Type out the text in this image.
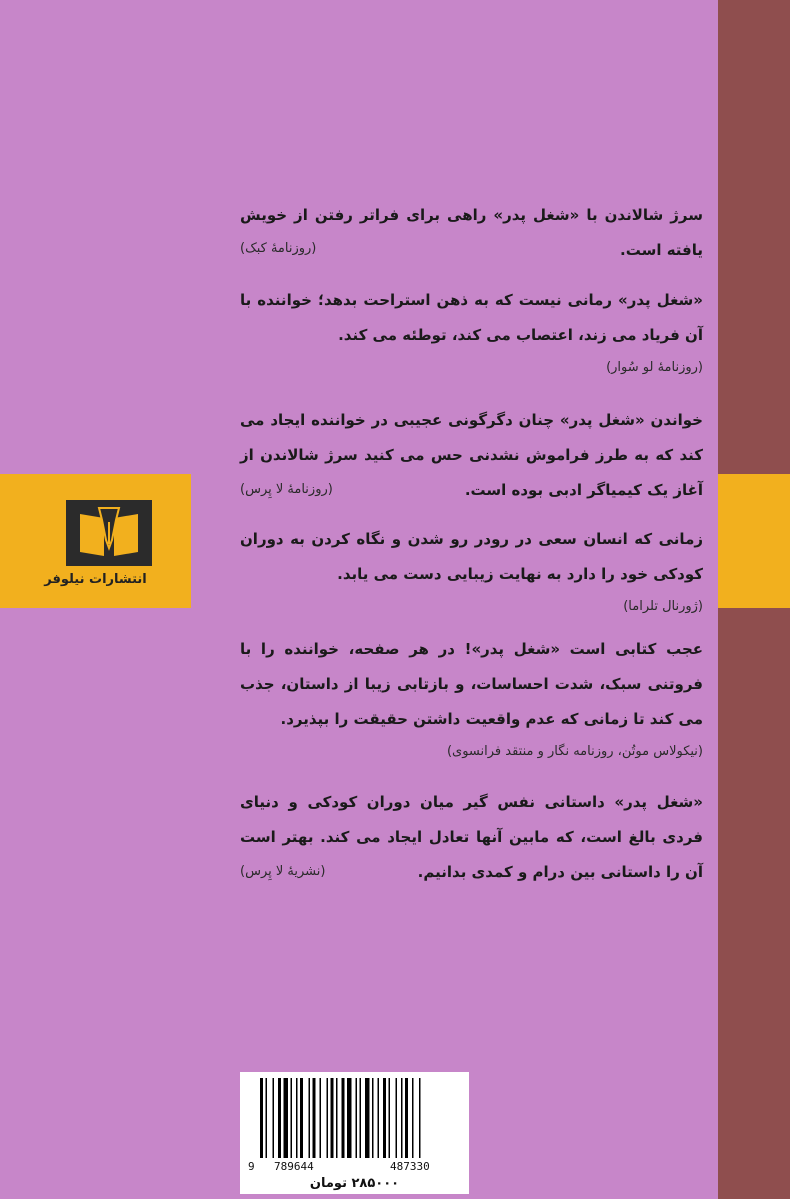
انتشارات نیلوفر

سرژ شالاندن با «شغل پدر» راهی برای فراتر رفتن از خویش یافته است.

(روزنامهٔ کبک)

«شغل پدر» رمانی نیست که به ذهن استراحت بدهد؛ خواننده با آن فریاد می زند، اعتصاب می کند، توطئه می کند.

(روزنامهٔ لو سُوار)

خواندن «شغل پدر» چنان دگرگونی عجیبی در خواننده ایجاد می کند که به طرز فراموش نشدنی حس می کنید سرژ شالاندن از آغاز یک کیمیاگر ادبی بوده است.

(روزنامهٔ لا پِرس)

زمانی که انسان سعی در رودر رو شدن و نگاه کردن به دوران کودکی خود را دارد به نهایت زیبایی دست می یابد.

(ژورنال تلراما)

عجب کتابی است «شغل پدر»! در هر صفحه، خواننده را با فروتنی سبک، شدت احساسات، و بازتابی زیبا از داستان، جذب می کند تا زمانی که عدم واقعیت داشتن حقیقت را بپذیرد.

(نیکولاس موتُن، روزنامه نگار و منتقد فرانسوی)

«شغل پدر» داستانی نفس گیر میان دوران کودکی و دنیای فردی بالغ است، که مابین آنها تعادل ایجاد می کند. بهتر است آن را داستانی بین درام و کمدی بدانیم.

(نشریهٔ لا پِرس)

9 789644	487330
۲۸۵۰۰۰ تومان
